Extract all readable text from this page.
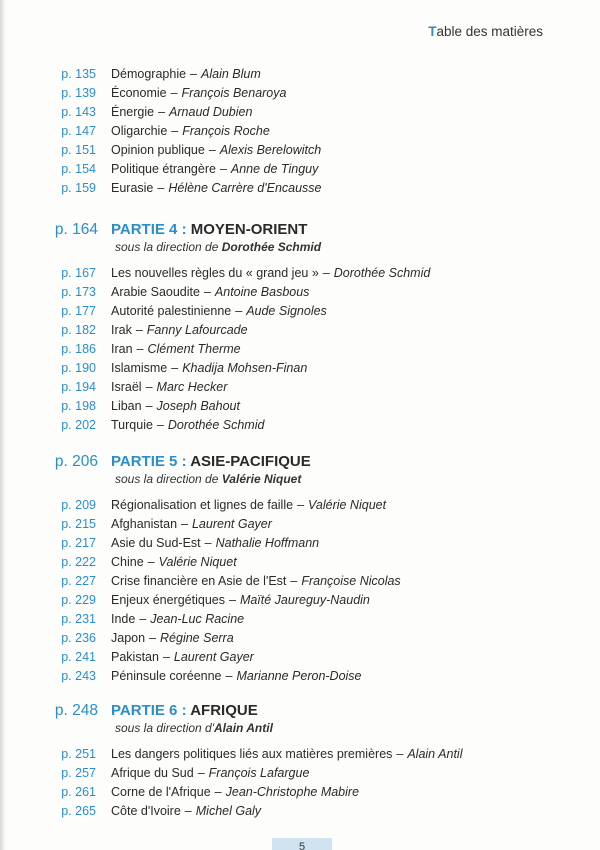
Table des matières
p. 135 Démographie – Alain Blum
p. 139 Économie – François Benaroya
p. 143 Énergie – Arnaud Dubien
p. 147 Oligarchie – François Roche
p. 151 Opinion publique – Alexis Berelowitch
p. 154 Politique étrangère – Anne de Tinguy
p. 159 Eurasie – Hélène Carrère d'Encausse
p. 164 PARTIE 4 : MOYEN-ORIENT
sous la direction de Dorothée Schmid
p. 167 Les nouvelles règles du « grand jeu » – Dorothée Schmid
p. 173 Arabie Saoudite – Antoine Basbous
p. 177 Autorité palestinienne – Aude Signoles
p. 182 Irak – Fanny Lafourcade
p. 186 Iran – Clément Therme
p. 190 Islamisme – Khadija Mohsen-Finan
p. 194 Israël – Marc Hecker
p. 198 Liban – Joseph Bahout
p. 202 Turquie – Dorothée Schmid
p. 206 PARTIE 5 : ASIE-PACIFIQUE
sous la direction de Valérie Niquet
p. 209 Régionalisation et lignes de faille – Valérie Niquet
p. 215 Afghanistan – Laurent Gayer
p. 217 Asie du Sud-Est – Nathalie Hoffmann
p. 222 Chine – Valérie Niquet
p. 227 Crise financière en Asie de l'Est – Françoise Nicolas
p. 229 Enjeux énergétiques – Maïté Jaureguy-Naudin
p. 231 Inde – Jean-Luc Racine
p. 236 Japon – Régine Serra
p. 241 Pakistan – Laurent Gayer
p. 243 Péninsule coréenne – Marianne Peron-Doise
p. 248 PARTIE 6 : AFRIQUE
sous la direction d'Alain Antil
p. 251 Les dangers politiques liés aux matières premières – Alain Antil
p. 257 Afrique du Sud – François Lafargue
p. 261 Corne de l'Afrique – Jean-Christophe Mabire
p. 265 Côte d'Ivoire – Michel Galy
5
